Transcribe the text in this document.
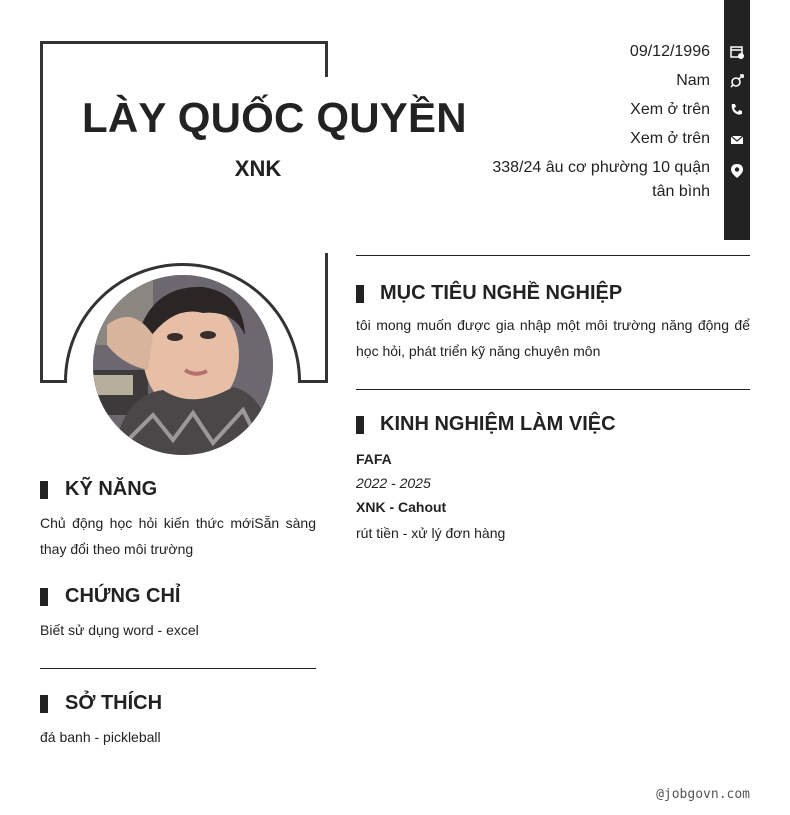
LÀY QUỐC QUYỀN
XNK
09/12/1996
Nam
Xem ở trên
Xem ở trên
338/24 âu cơ phường 10 quận
tân bình
MỤC TIÊU NGHỀ NGHIỆP
tôi mong muốn được gia nhập một môi trường năng động để học hỏi, phát triển kỹ năng chuyên môn
KINH NGHIỆM LÀM VIỆC
FAFA
2022 - 2025
XNK - Cahout
rút tiền - xử lý đơn hàng
KỸ NĂNG
Chủ động học hỏi kiến thức mớiSẵn sàng thay đổi theo môi trường
CHỨNG CHỈ
Biết sử dụng word - excel
SỞ THÍCH
đá banh - pickleball
@jobgovn.com
